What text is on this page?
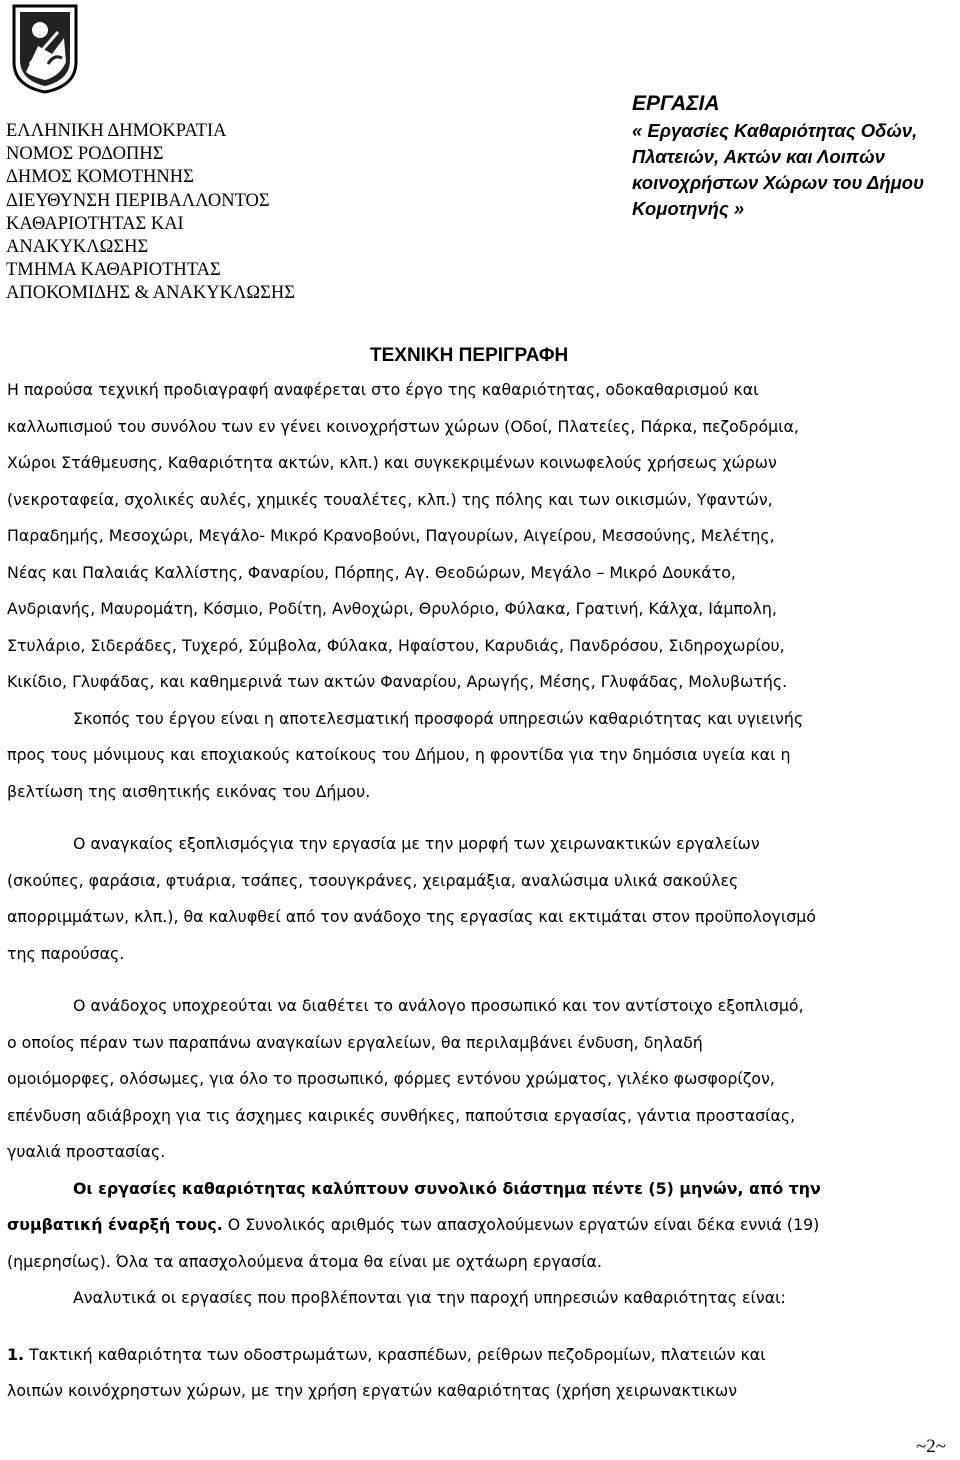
ΕΛΛΗΝΙΚΗ ΔΗΜΟΚΡΑΤΙΑ
ΝΟΜΟΣ ΡΟΔΟΠΗΣ
ΔΗΜΟΣ ΚΟΜΟΤΗΝΗΣ
ΔΙΕΥΘΥΝΣΗ ΠΕΡΙΒΑΛΛΟΝΤΟΣ
ΚΑΘΑΡΙΟΤΗΤΑΣ ΚΑΙ
ΑΝΑΚΥΚΛΩΣΗΣ
ΤΜΗΜΑ ΚΑΘΑΡΙΟΤΗΤΑΣ
ΑΠΟΚΟΜΙΔΗΣ & ΑΝΑΚΥΚΛΩΣΗΣ
ΕΡΓΑΣΙΑ
« Εργασίες Καθαριότητας Οδών,
Πλατειών, Ακτών και Λοιπών
κοινοχρήστων Χώρων του Δήμου
Κομοτηνής »
ΤΕΧΝΙΚΗ ΠΕΡΙΓΡΑΦΗ
Η παρούσα τεχνική προδιαγραφή αναφέρεται στο έργο της καθαριότητας, οδοκαθαρισμού και
καλλωπισμού του συνόλου των εν γένει κοινοχρήστων χώρων (Οδοί, Πλατείες, Πάρκα, πεζοδρόμια,
Χώροι Στάθμευσης, Καθαριότητα ακτών, κλπ.) και συγκεκριμένων κοινωφελούς χρήσεως χώρων
(νεκροταφεία, σχολικές αυλές, χημικές τουαλέτες, κλπ.) της πόλης και των οικισμών, Υφαντών,
Παραδημής, Μεσοχώρι, Μεγάλο- Μικρό Κρανοβούνι, Παγουρίων, Αιγείρου, Μεσσούνης, Μελέτης,
Νέας και Παλαιάς Καλλίστης, Φαναρίου, Πόρπης, Αγ. Θεοδώρων, Μεγάλο – Μικρό Δουκάτο,
Ανδριανής, Μαυρομάτη, Κόσμιο, Ροδίτη, Ανθοχώρι, Θρυλόριο, Φύλακα, Γρατινή, Κάλχα, Ιάμπολη,
Στυλάριο, Σιδεράδες, Τυχερό, Σύμβολα, Φύλακα, Ηφαίστου, Καρυδιάς, Πανδρόσου, Σιδηροχωρίου,
Κικίδιο, Γλυφάδας, και καθημερινά των ακτών Φαναρίου, Αρωγής, Μέσης, Γλυφάδας, Μολυβωτής.
Σκοπός του έργου είναι η αποτελεσματική προσφορά υπηρεσιών καθαριότητας και υγιεινής
προς τους μόνιμους και εποχιακούς κατοίκους του Δήμου, η φροντίδα για την δημόσια υγεία και η
βελτίωση της αισθητικής εικόνας του Δήμου.
Ο αναγκαίος εξοπλισμόςγια την εργασία με την μορφή των χειρωνακτικών εργαλείων
(σκούπες, φαράσια, φτυάρια, τσάπες, τσουγκράνες, χειραμάξια, αναλώσιμα υλικά σακούλες
απορριμμάτων, κλπ.), θα καλυφθεί από τον ανάδοχο της εργασίας και εκτιμάται στον προϋπολογισμό
της παρούσας.
Ο ανάδοχος υποχρεούται να διαθέτει το ανάλογο προσωπικό και τον αντίστοιχο εξοπλισμό,
ο οποίος πέραν των παραπάνω αναγκαίων εργαλείων, θα περιλαμβάνει ένδυση, δηλαδή
ομοιόμορφες, ολόσωμες, για όλο το προσωπικό, φόρμες εντόνου χρώματος, γιλέκο φωσφορίζον,
επένδυση αδιάβροχη για τις άσχημες καιρικές συνθήκες, παπούτσια εργασίας, γάντια προστασίας,
γυαλιά προστασίας.
Οι εργασίες καθαριότητας καλύπτουν συνολικό διάστημα πέντε (5) μηνών, από την
συμβατική έναρξή τους. Ο Συνολικός αριθμός των απασχολούμενων εργατών είναι δέκα εννιά (19)
(ημερησίως). Όλα τα απασχολούμενα άτομα θα είναι με οχτάωρη εργασία.
Αναλυτικά οι εργασίες που προβλέπονται για την παροχή υπηρεσιών καθαριότητας είναι:
1. Τακτική καθαριότητα των οδοστρωμάτων, κρασπέδων, ρείθρων πεζοδρομίων, πλατειών και
λοιπών κοινόχρηστων χώρων, με την χρήση εργατών καθαριότητας (χρήση χειρωνακτικων
~2~
